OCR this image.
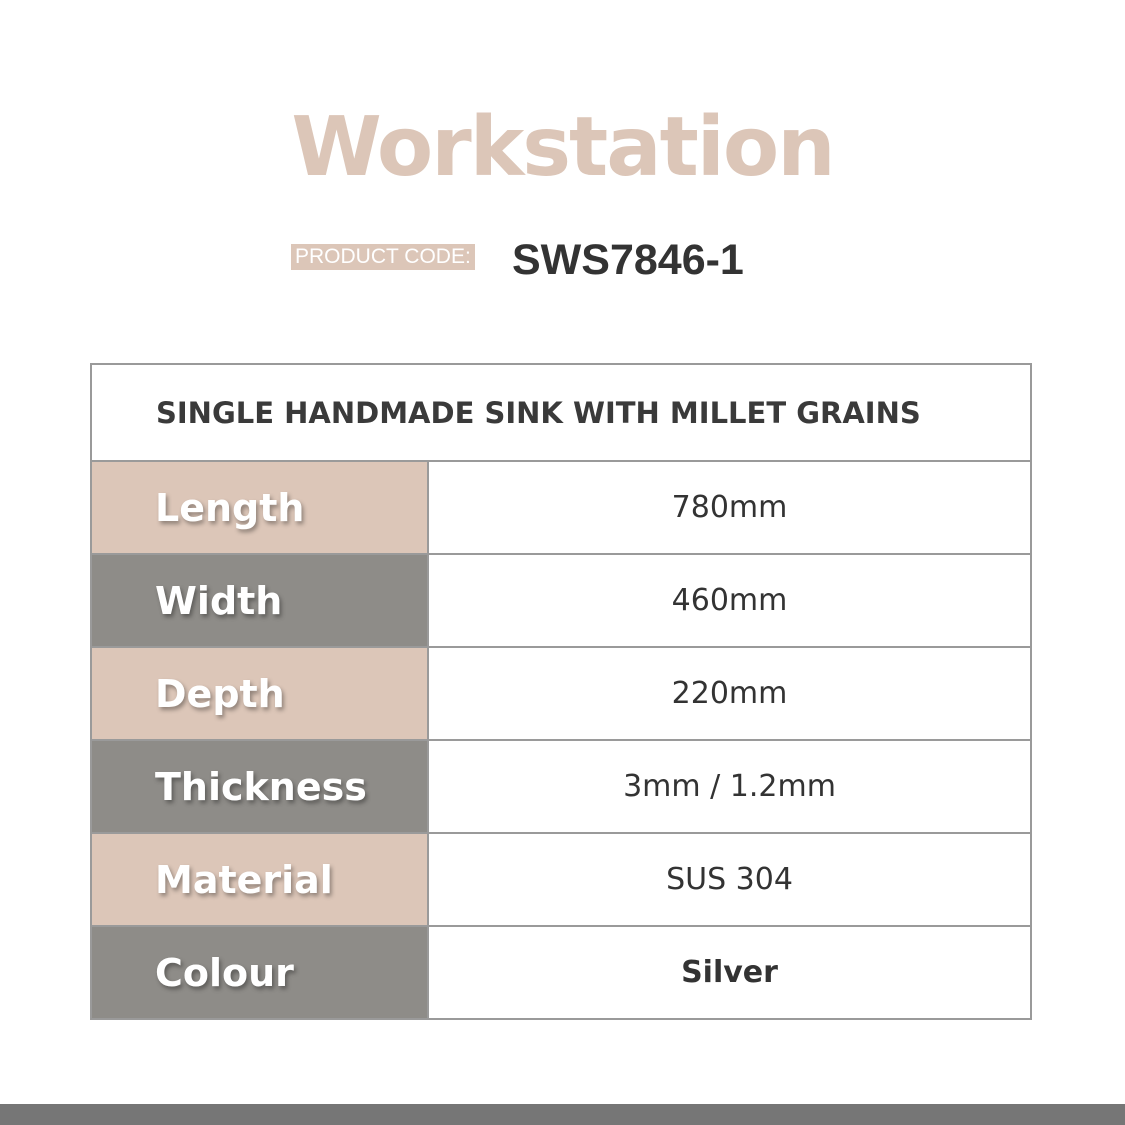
Workstation
PRODUCT CODE: SWS7846-1
SINGLE HANDMADE SINK WITH MILLET GRAINS
Length	780mm
Width	460mm
Depth	220mm
Thickness	3mm / 1.2mm
Material	SUS 304
Colour	Silver
